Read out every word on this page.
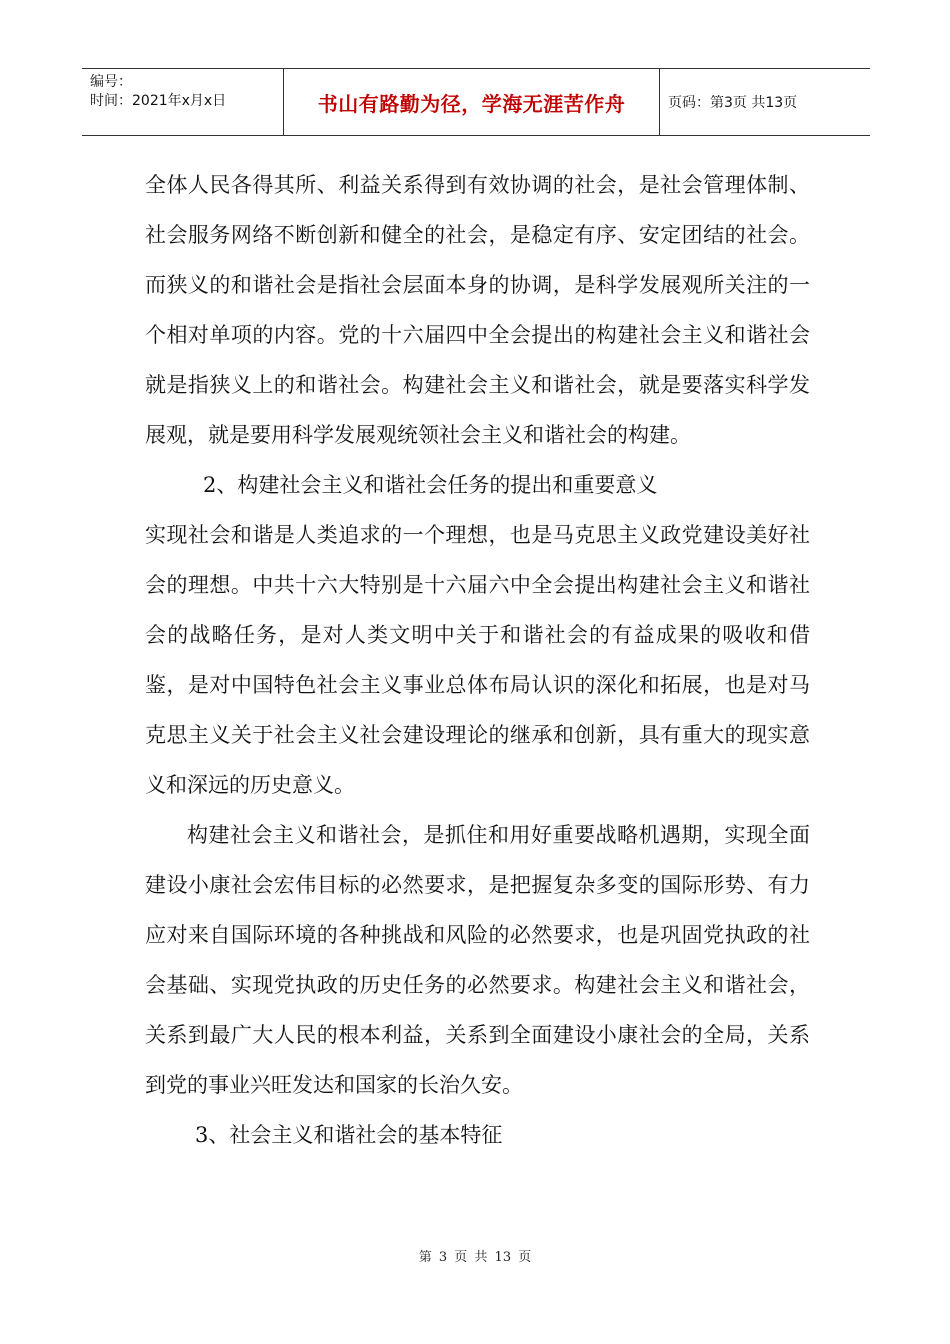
编号：
时间：2021年x月x日	书山有路勤为径，学海无涯苦作舟	页码：第3页 共13页

全体人民各得其所、利益关系得到有效协调的社会，是社会管理体制、社会服务网络不断创新和健全的社会，是稳定有序、安定团结的社会。而狭义的和谐社会是指社会层面本身的协调，是科学发展观所关注的一个相对单项的内容。党的十六届四中全会提出的构建社会主义和谐社会就是指狭义上的和谐社会。构建社会主义和谐社会，就是要落实科学发展观，就是要用科学发展观统领社会主义和谐社会的构建。

2、构建社会主义和谐社会任务的提出和重要意义

实现社会和谐是人类追求的一个理想，也是马克思主义政党建设美好社会的理想。中共十六大特别是十六届六中全会提出构建社会主义和谐社会的战略任务，是对人类文明中关于和谐社会的有益成果的吸收和借鉴，是对中国特色社会主义事业总体布局认识的深化和拓展，也是对马克思主义关于社会主义社会建设理论的继承和创新，具有重大的现实意义和深远的历史意义。

构建社会主义和谐社会，是抓住和用好重要战略机遇期，实现全面建设小康社会宏伟目标的必然要求，是把握复杂多变的国际形势、有力应对来自国际环境的各种挑战和风险的必然要求，也是巩固党执政的社会基础、实现党执政的历史任务的必然要求。构建社会主义和谐社会，关系到最广大人民的根本利益，关系到全面建设小康社会的全局，关系到党的事业兴旺发达和国家的长治久安。

3、社会主义和谐社会的基本特征

第 3 页 共 13 页
